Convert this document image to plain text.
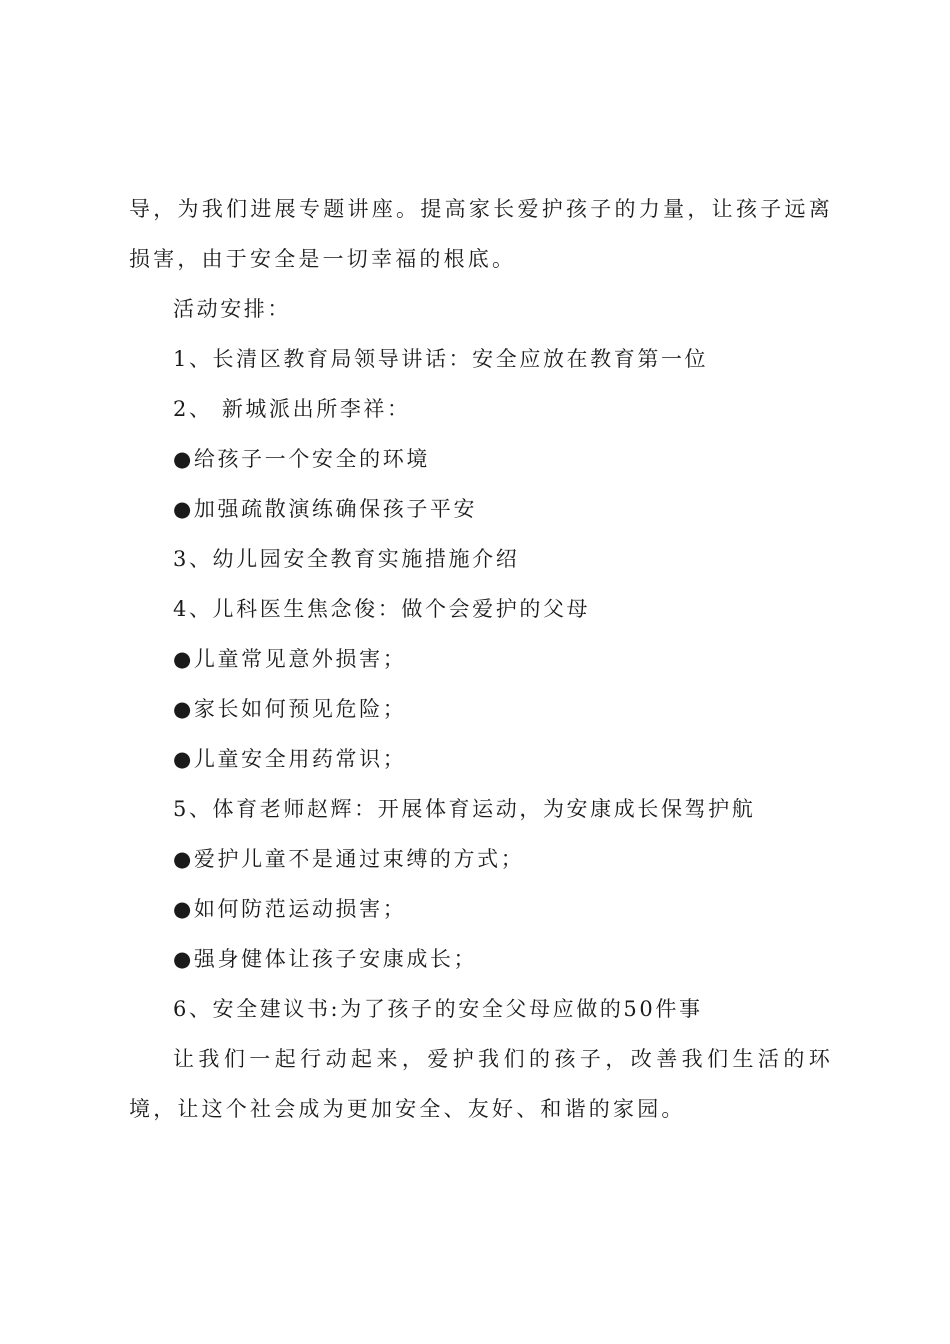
导，为我们进展专题讲座。提高家长爱护孩子的力量，让孩子远离损害，由于安全是一切幸福的根底。

活动安排：

1、长清区教育局领导讲话：安全应放在教育第一位

2、 新城派出所李祥：

●给孩子一个安全的环境

●加强疏散演练确保孩子平安

3、幼儿园安全教育实施措施介绍

4、儿科医生焦念俊：做个会爱护的父母

●儿童常见意外损害；

●家长如何预见危险；

●儿童安全用药常识；

5、体育老师赵辉：开展体育运动，为安康成长保驾护航

●爱护儿童不是通过束缚的方式；

●如何防范运动损害；

●强身健体让孩子安康成长；

6、安全建议书:为了孩子的安全父母应做的50件事

让我们一起行动起来，爱护我们的孩子，改善我们生活的环境，让这个社会成为更加安全、友好、和谐的家园。
